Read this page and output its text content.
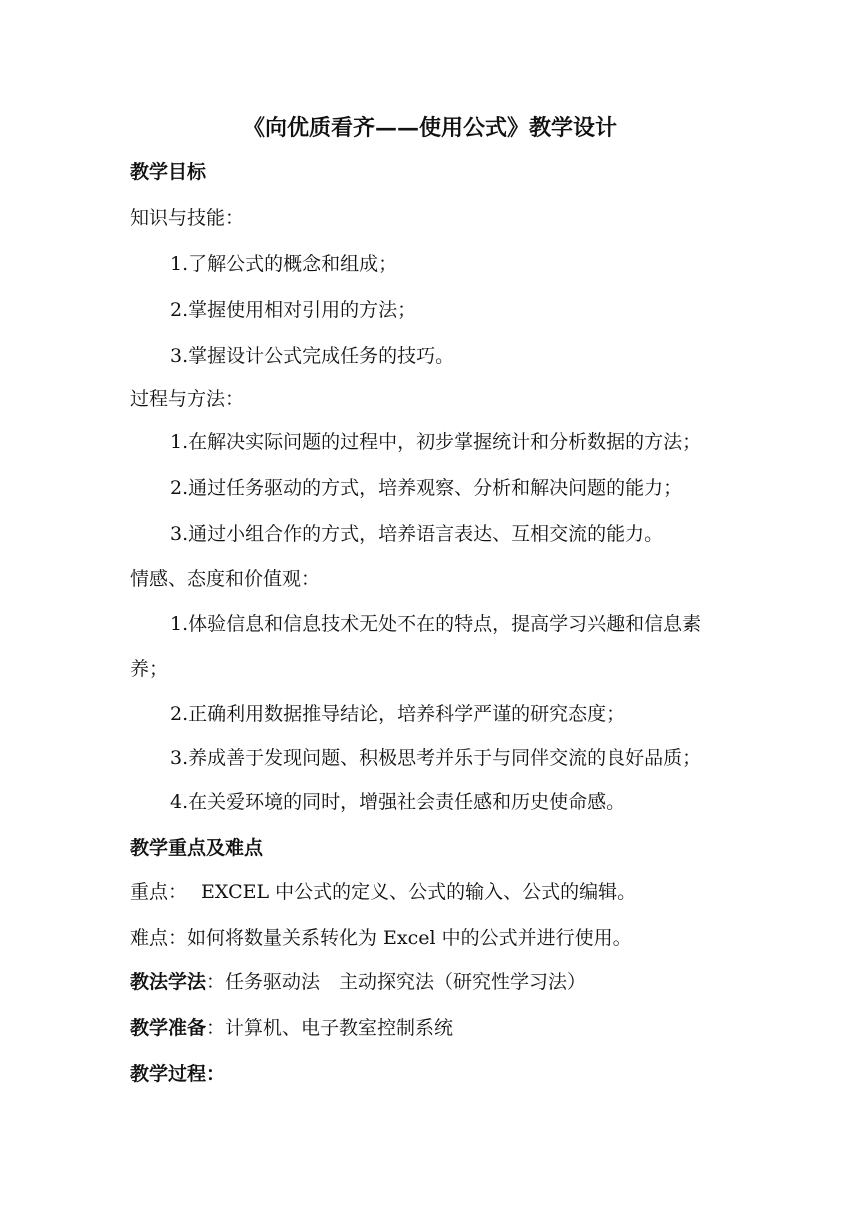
《向优质看齐——使用公式》教学设计
教学目标
知识与技能：
1.了解公式的概念和组成；
2.掌握使用相对引用的方法；
3.掌握设计公式完成任务的技巧。
过程与方法：
1.在解决实际问题的过程中，初步掌握统计和分析数据的方法；
2.通过任务驱动的方式，培养观察、分析和解决问题的能力；
3.通过小组合作的方式，培养语言表达、互相交流的能力。
情感、态度和价值观：
1.体验信息和信息技术无处不在的特点，提高学习兴趣和信息素
养；
2.正确利用数据推导结论，培养科学严谨的研究态度；
3.养成善于发现问题、积极思考并乐于与同伴交流的良好品质；
4.在关爱环境的同时，增强社会责任感和历史使命感。
教学重点及难点
重点： EXCEL 中公式的定义、公式的输入、公式的编辑。
难点：如何将数量关系转化为 Excel 中的公式并进行使用。
教法学法：任务驱动法　主动探究法（研究性学习法）
教学准备：计算机、电子教室控制系统
教学过程：
